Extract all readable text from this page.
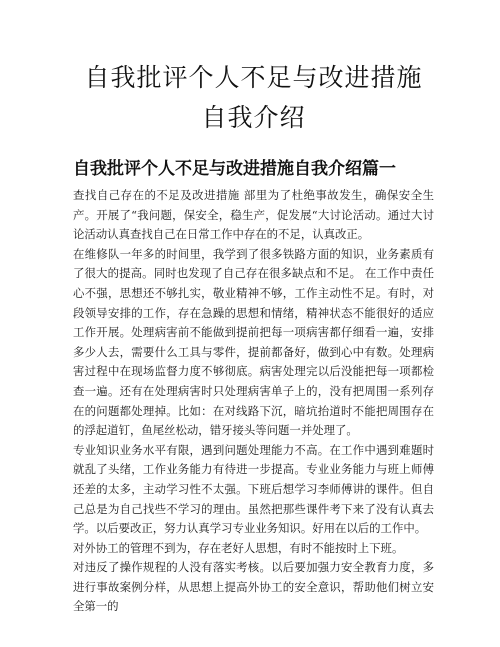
自我批评个人不足与改进措施自我介绍
自我批评个人不足与改进措施自我介绍篇一

查找自己存在的不足及改进措施 部里为了杜绝事故发生，确保安全生产。开展了“我问题，保安全，稳生产，促发展“大讨论活动。通过大讨论活动认真查找自己在日常工作中存在的不足，认真改正。

在维修队一年多的时间里，我学到了很多铁路方面的知识，业务素质有了很大的提高。同时也发现了自己存在很多缺点和不足。 在工作中责任心不强，思想还不够扎实，敬业精神不够，工作主动性不足。有时，对段领导安排的工作，存在急躁的思想和情绪，精神状态不能很好的适应工作开展。处理病害前不能做到提前把每一项病害都仔细看一遍，安排多少人去，需要什么工具与零件，提前都备好，做到心中有数。处理病害过程中在现场监督力度不够彻底。病害处理完以后没能把每一项都检查一遍。还有在处理病害时只处理病害单子上的，没有把周围一系列存在的问题都处理掉。比如：在对线路下沉，暗坑抬道时不能把周围存在的浮起道钉，鱼尾丝松动，错牙接头等问题一并处理了。

专业知识业务水平有限，遇到问题处理能力不高。在工作中遇到难题时就乱了头绪，工作业务能力有待进一步提高。专业业务能力与班上师傅还差的太多，主动学习性不太强。下班后想学习李师傅讲的课件。但自己总是为自己找些不学习的理由。虽然把那些课件考下来了没有认真去学。以后要改正，努力认真学习专业业务知识。好用在以后的工作中。

对外协工的管理不到为，存在老好人思想，有时不能按时上下班。

对违反了操作规程的人没有落实考核。以后要加强力安全教育力度，多进行事故案例分样，从思想上提高外协工的安全意识，帮助他们树立安全第一的
